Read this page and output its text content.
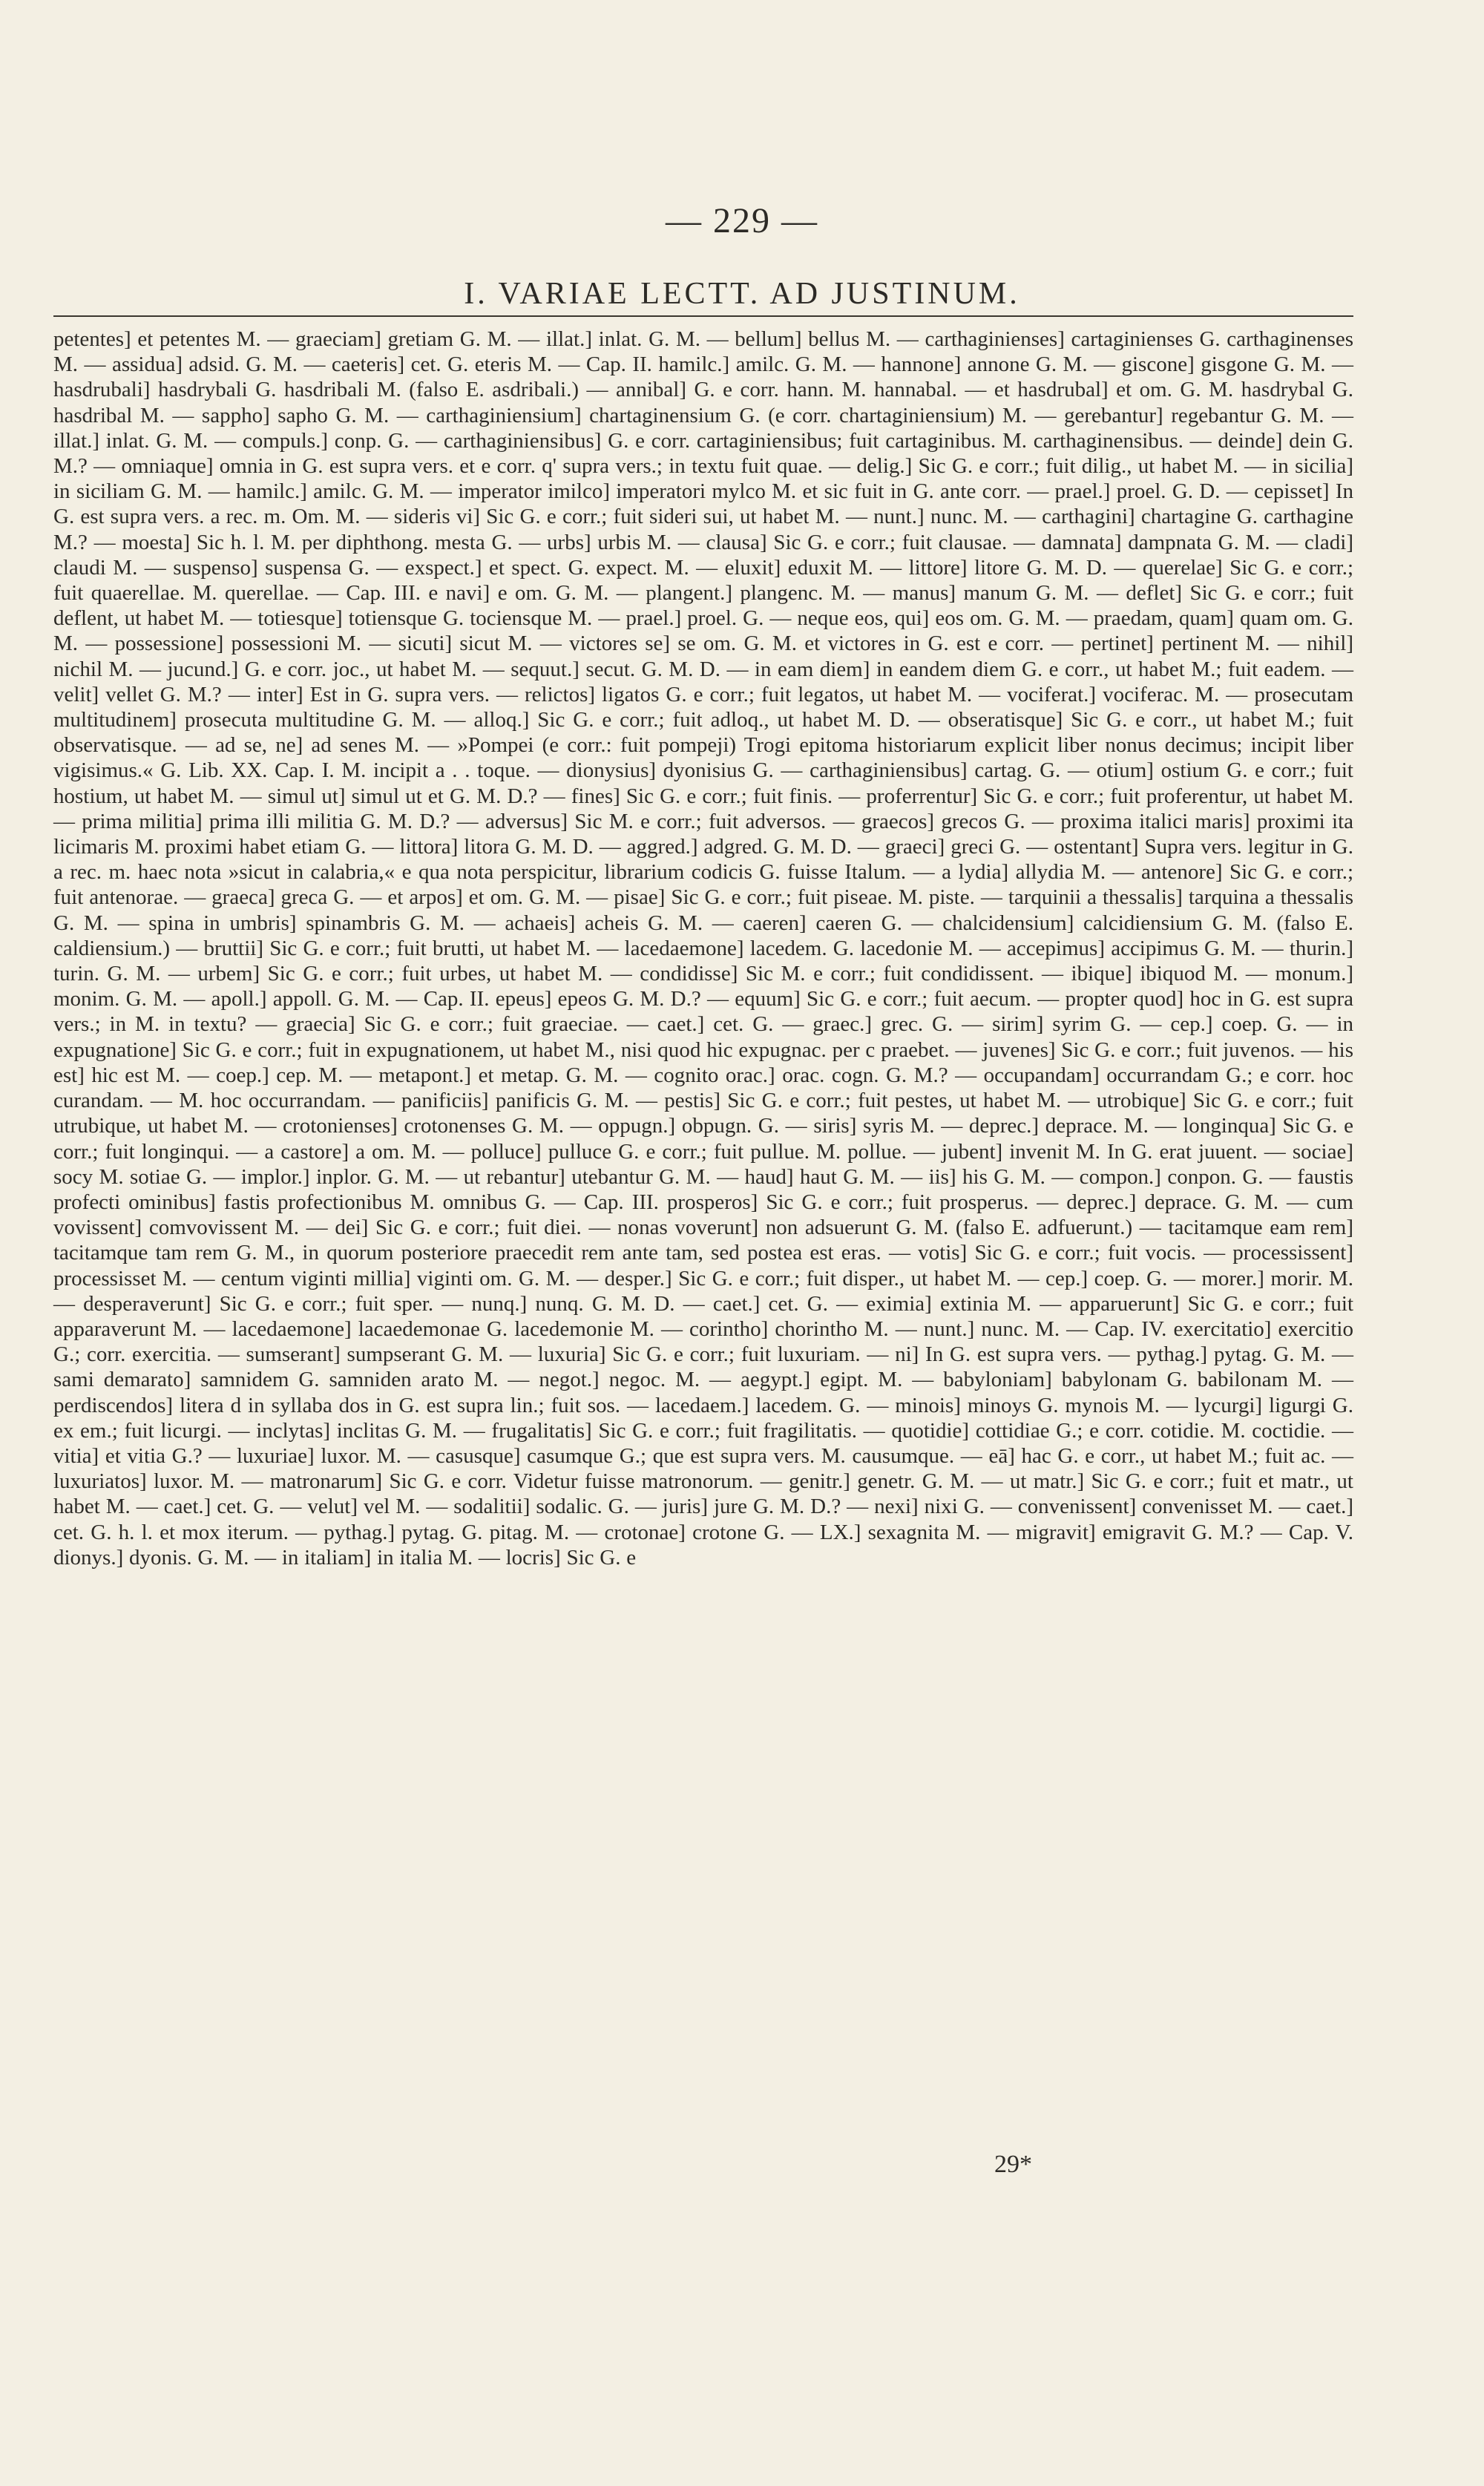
— 229 —
I. VARIAE LECTT. AD JUSTINUM.

petentes] et petentes M. — graeciam] gretiam G. M. — illat.] inlat. G. M. — bellum] bellus M. — carthaginienses] cartaginienses G. carthaginenses M. — assidua] adsid. G. M. — caeteris] cet. G. eteris M. — Cap. II. hamilc.] amilc. G. M. — hannone] annone G. M. — giscone] gisgone G. M. — hasdrubali] hasdrybali G. hasdribali M. (falso E. asdribali.) — annibal] G. e corr. hann. M. hannabal. — et hasdrubal] et om. G. M. hasdrybal G. hasdribal M. — sappho] sapho G. M. — carthaginiensium] chartaginensium G. (e corr. chartaginiensium) M. — gerebantur] regebantur G. M. — illat.] inlat. G. M. — compuls.] conp. G. — carthaginiensibus] G. e corr. cartaginiensibus; fuit cartaginibus. M. carthaginensibus. — deinde] dein G. M.? — omniaque] omnia in G. est supra vers. et e corr. q' supra vers.; in textu fuit quae. — delig.] Sic G. e corr.; fuit dilig., ut habet M. — in sicilia] in siciliam G. M. — hamilc.] amilc. G. M. — imperator imilco] imperatori mylco M. et sic fuit in G. ante corr. — prael.] proel. G. D. — cepisset] In G. est supra vers. a rec. m. Om. M. — sideris vi] Sic G. e corr.; fuit sideri sui, ut habet M. — nunt.] nunc. M. — carthagini] chartagine G. carthagine M.? — moesta] Sic h. l. M. per diphthong. mesta G. — urbs] urbis M. — clausa] Sic G. e corr.; fuit clausae. — damnata] dampnata G. M. — cladi] claudi M. — suspenso] suspensa G. — exspect.] et spect. G. expect. M. — eluxit] eduxit M. — littore] litore G. M. D. — querelae] Sic G. e corr.; fuit quaerellae. M. querellae. — Cap. III. e navi] e om. G. M. — plangent.] plangenc. M. — manus] manum G. M. — deflet] Sic G. e corr.; fuit deflent, ut habet M. — totiesque] totiensque G. tociensque M. — prael.] proel. G. — neque eos, qui] eos om. G. M. — praedam, quam] quam om. G. M. — possessione] possessioni M. — sicuti] sicut M. — victores se] se om. G. M. et victores in G. est e corr. — pertinet] pertinent M. — nihil] nichil M. — jucund.] G. e corr. joc., ut habet M. — sequut.] secut. G. M. D. — in eam diem] in eandem diem G. e corr., ut habet M.; fuit eadem. — velit] vellet G. M.? — inter] Est in G. supra vers. — relictos] ligatos G. e corr.; fuit legatos, ut habet M. — vociferat.] vociferac. M. — prosecutam multitudinem] prosecuta multitudine G. M. — alloq.] Sic G. e corr.; fuit adloq., ut habet M. D. — obseratisque] Sic G. e corr., ut habet M.; fuit observatisque. — ad se, ne] ad senes M. — »Pompei (e corr.: fuit pompeji) Trogi epitoma historiarum explicit liber nonus decimus; incipit liber vigisimus.« G. Lib. XX. Cap. I. M. incipit a . . toque. — dionysius] dyonisius G. — carthaginiensibus] cartag. G. — otium] ostium G. e corr.; fuit hostium, ut habet M. — simul ut] simul ut et G. M. D.? — fines] Sic G. e corr.; fuit finis. — proferrentur] Sic G. e corr.; fuit proferentur, ut habet M. — prima militia] prima illi militia G. M. D.? — adversus] Sic M. e corr.; fuit adversos. — graecos] grecos G. — proxima italici maris] proximi ita licimaris M. proximi habet etiam G. — littora] litora G. M. D. — aggred.] adgred. G. M. D. — graeci] greci G. — ostentant] Supra vers. legitur in G. a rec. m. haec nota »sicut in calabria,« e qua nota perspicitur, librarium codicis G. fuisse Italum. — a lydia] allydia M. — antenore] Sic G. e corr.; fuit antenorae. — graeca] greca G. — et arpos] et om. G. M. — pisae] Sic G. e corr.; fuit piseae. M. piste. — tarquinii a thessalis] tarquina a thessalis G. M. — spina in umbris] spinambris G. M. — achaeis] acheis G. M. — caeren] caeren G. — chalcidensium] calcidiensium G. M. (falso E. caldiensium.) — bruttii] Sic G. e corr.; fuit brutti, ut habet M. — lacedaemone] lacedem. G. lacedonie M. — accepimus] accipimus G. M. — thurin.] turin. G. M. — urbem] Sic G. e corr.; fuit urbes, ut habet M. — condidisse] Sic M. e corr.; fuit condidissent. — ibique] ibiquod M. — monum.] monim. G. M. — apoll.] appoll. G. M. — Cap. II. epeus] epeos G. M. D.? — equum] Sic G. e corr.; fuit aecum. — propter quod] hoc in G. est supra vers.; in M. in textu? — graecia] Sic G. e corr.; fuit graeciae. — caet.] cet. G. — graec.] grec. G. — sirim] syrim G. — cep.] coep. G. — in expugnatione] Sic G. e corr.; fuit in expugnationem, ut habet M., nisi quod hic expugnac. per c praebet. — juvenes] Sic G. e corr.; fuit juvenos. — his est] hic est M. — coep.] cep. M. — metapont.] et metap. G. M. — cognito orac.] orac. cogn. G. M.? — occupandam] occurrandam G.; e corr. hoc curandam. — M. hoc occurrandam. — panificiis] panificis G. M. — pestis] Sic G. e corr.; fuit pestes, ut habet M. — utrobique] Sic G. e corr.; fuit utrubique, ut habet M. — crotonienses] crotonenses G. M. — oppugn.] obpugn. G. — siris] syris M. — deprec.] deprace. M. — longinqua] Sic G. e corr.; fuit longinqui. — a castore] a om. M. — polluce] pulluce G. e corr.; fuit pullue. M. pollue. — jubent] invenit M. In G. erat juuent. — sociae] socy M. sotiae G. — implor.] inplor. G. M. — ut rebantur] utebantur G. M. — haud] haut G. M. — iis] his G. M. — compon.] conpon. G. — faustis profecti ominibus] fastis profectionibus M. omnibus G. — Cap. III. prosperos] Sic G. e corr.; fuit prosperus. — deprec.] deprace. G. M. — cum vovissent] comvovissent M. — dei] Sic G. e corr.; fuit diei. — nonas voverunt] non adsuerunt G. M. (falso E. adfuerunt.) — tacitamque eam rem] tacitamque tam rem G. M., in quorum posteriore praecedit rem ante tam, sed postea est eras. — votis] Sic G. e corr.; fuit vocis. — processissent] processisset M. — centum viginti millia] viginti om. G. M. — desper.] Sic G. e corr.; fuit disper., ut habet M. — cep.] coep. G. — morer.] morir. M. — desperaverunt] Sic G. e corr.; fuit sper. — nunq.] nunq. G. M. D. — caet.] cet. G. — eximia] extinia M. — apparuerunt] Sic G. e corr.; fuit apparaverunt M. — lacedaemone] lacaedemonae G. lacedemonie M. — corintho] chorintho M. — nunt.] nunc. M. — Cap. IV. exercitatio] exercitio G.; corr. exercitia. — sumserant] sumpserant G. M. — luxuria] Sic G. e corr.; fuit luxuriam. — ni] In G. est supra vers. — pythag.] pytag. G. M. — sami demarato] samnidem G. samniden arato M. — negot.] negoc. M. — aegypt.] egipt. M. — babyloniam] babylonam G. babilonam M. — perdiscendos] litera d in syllaba dos in G. est supra lin.; fuit sos. — lacedaem.] lacedem. G. — minois] minoys G. mynois M. — lycurgi] ligurgi G. ex em.; fuit licurgi. — inclytas] inclitas G. M. — frugalitatis] Sic G. e corr.; fuit fragilitatis. — quotidie] cottidiae G.; e corr. cotidie. M. coctidie. — vitia] et vitia G.? — luxuriae] luxor. M. — casusque] casumque G.; que est supra vers. M. causumque. — eā] hac G. e corr., ut habet M.; fuit ac. — luxuriatos] luxor. M. — matronarum] Sic G. e corr. Videtur fuisse matronorum. — genitr.] genetr. G. M. — ut matr.] Sic G. e corr.; fuit et matr., ut habet M. — caet.] cet. G. — velut] vel M. — sodalitii] sodalic. G. — juris] jure G. M. D.? — nexi] nixi G. — convenissent] convenisset M. — caet.] cet. G. h. l. et mox iterum. — pythag.] pytag. G. pitag. M. — crotonae] crotone G. — LX.] sexagnita M. — migravit] emigravit G. M.? — Cap. V. dionys.] dyonis. G. M. — in italiam] in italia M. — locris] Sic G. e

29*
